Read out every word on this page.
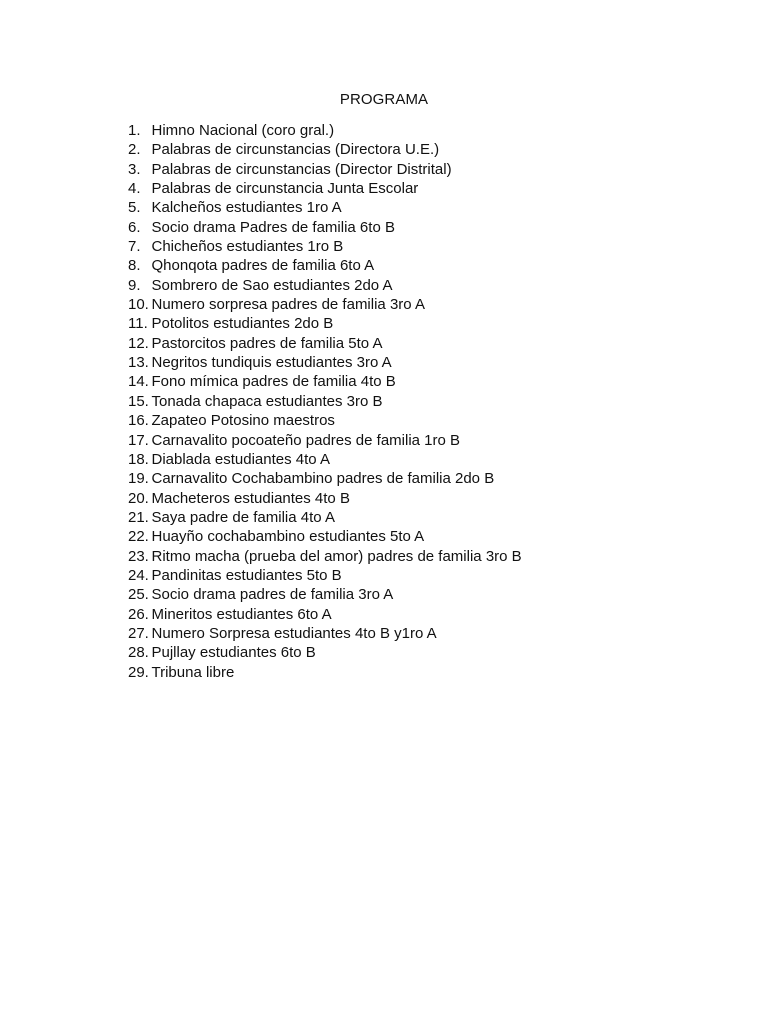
PROGRAMA
1. Himno Nacional (coro gral.)
2. Palabras de circunstancias (Directora U.E.)
3. Palabras de circunstancias (Director Distrital)
4. Palabras de circunstancia Junta Escolar
5. Kalcheños estudiantes 1ro A
6. Socio drama Padres de familia 6to B
7. Chicheños estudiantes 1ro B
8. Qhonqota padres de familia 6to A
9. Sombrero de Sao estudiantes 2do A
10. Numero sorpresa padres de familia 3ro A
11. Potolitos estudiantes 2do B
12. Pastorcitos padres de familia 5to A
13. Negritos tundiquis estudiantes 3ro A
14. Fono mímica padres de familia 4to B
15. Tonada chapaca estudiantes 3ro B
16. Zapateo Potosino maestros
17. Carnavalito pocoateño padres de familia 1ro B
18. Diablada estudiantes 4to A
19. Carnavalito Cochabambino padres de familia 2do B
20. Macheteros estudiantes 4to B
21. Saya padre de familia 4to A
22. Huayño cochabambino estudiantes 5to A
23. Ritmo macha (prueba del amor) padres de familia 3ro B
24. Pandinitas estudiantes 5to B
25. Socio drama padres de familia 3ro A
26. Mineritos estudiantes 6to A
27. Numero Sorpresa estudiantes 4to B y1ro A
28. Pujllay estudiantes 6to B
29. Tribuna libre
